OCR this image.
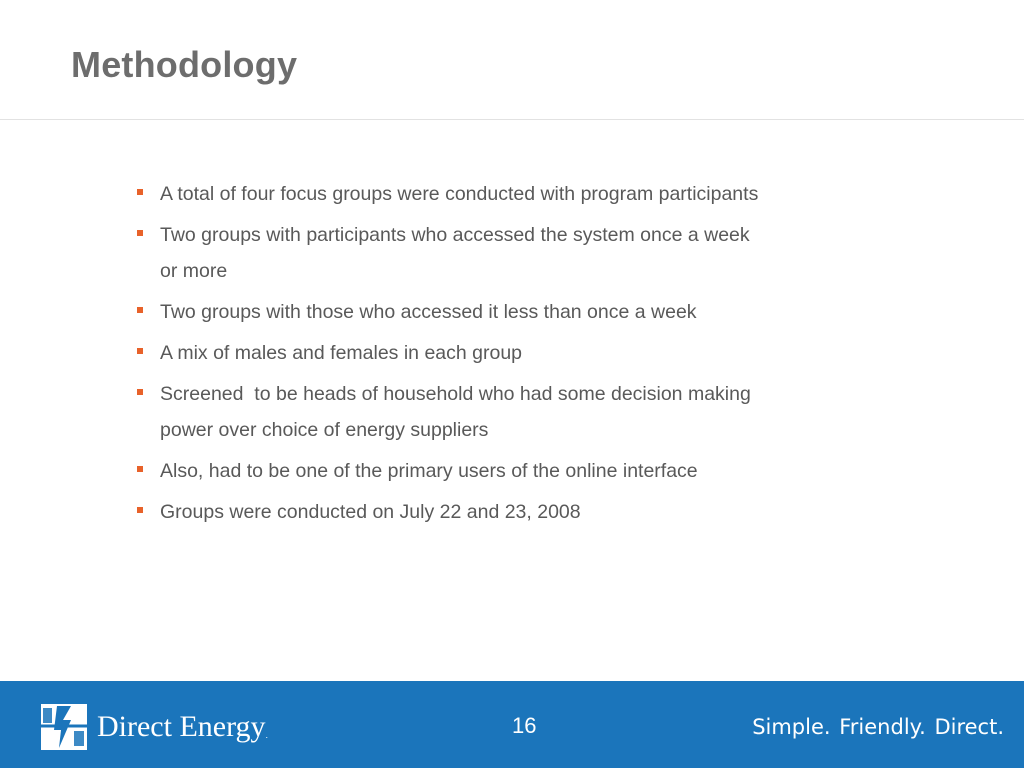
Methodology
A total of four focus groups were conducted with program participants
Two groups with participants who accessed the system once a week
or more
Two groups with those who accessed it less than once a week
A mix of males and females in each group
Screened  to be heads of household who had some decision making
power over choice of energy suppliers
Also, had to be one of the primary users of the online interface
Groups were conducted on July 22 and 23, 2008
Direct Energy.	16	Simple. Friendly. Direct.
